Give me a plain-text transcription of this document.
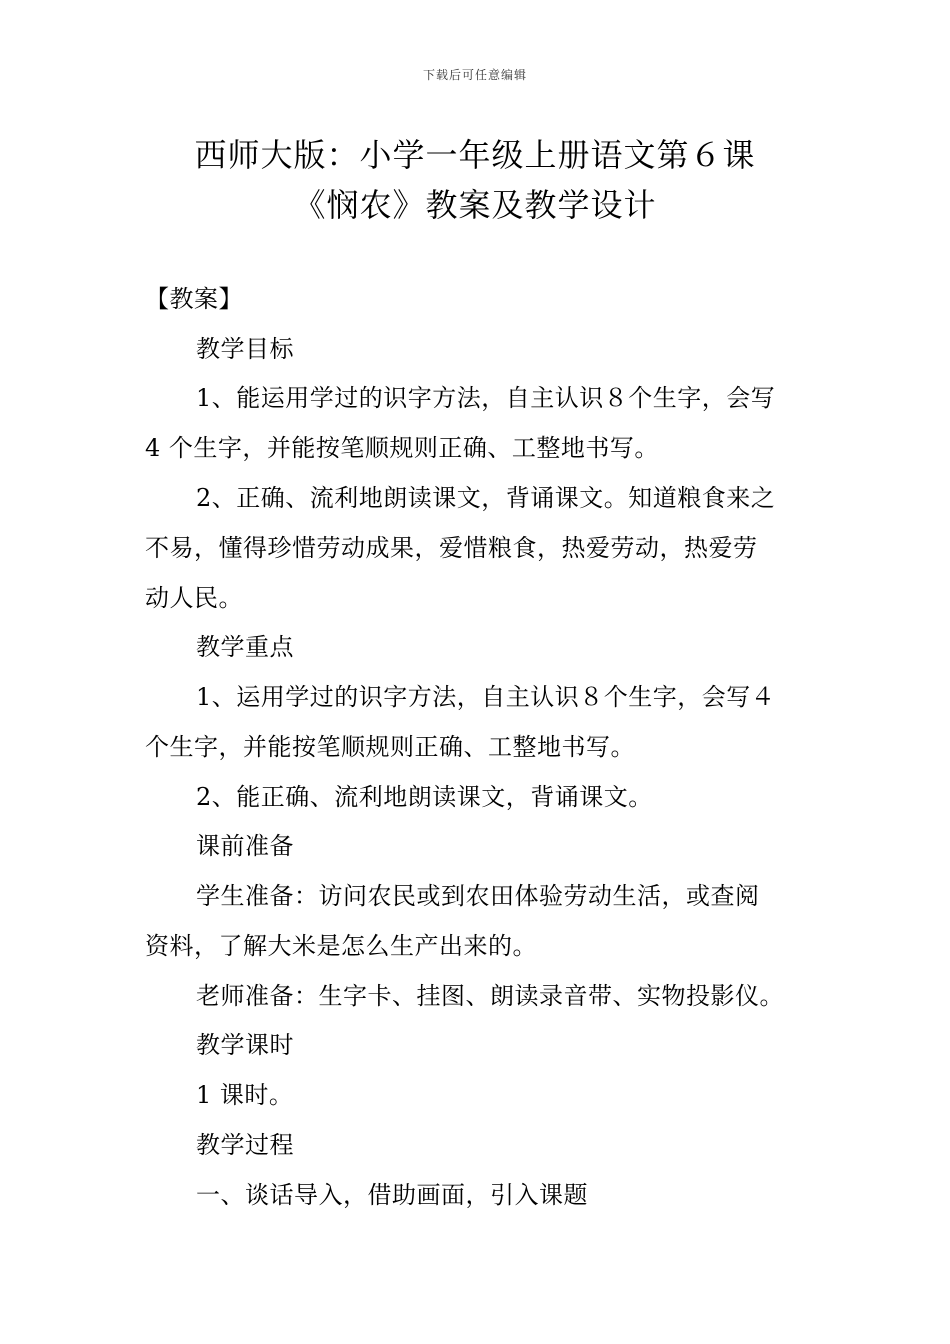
下载后可任意编辑
西师大版：小学一年级上册语文第６课
《悯农》教案及教学设计
【教案】
教学目标
1、能运用学过的识字方法，自主认识８个生字，会写
4 个生字，并能按笔顺规则正确、工整地书写。
2、正确、流利地朗读课文，背诵课文。知道粮食来之
不易，懂得珍惜劳动成果，爱惜粮食，热爱劳动，热爱劳
动人民。
教学重点
1、运用学过的识字方法，自主认识８个生字，会写４
个生字，并能按笔顺规则正确、工整地书写。
2、能正确、流利地朗读课文，背诵课文。
课前准备
学生准备：访问农民或到农田体验劳动生活，或查阅
资料，了解大米是怎么生产出来的。
老师准备：生字卡、挂图、朗读录音带、实物投影仪。
教学课时
1 课时。
教学过程
一、谈话导入，借助画面，引入课题
